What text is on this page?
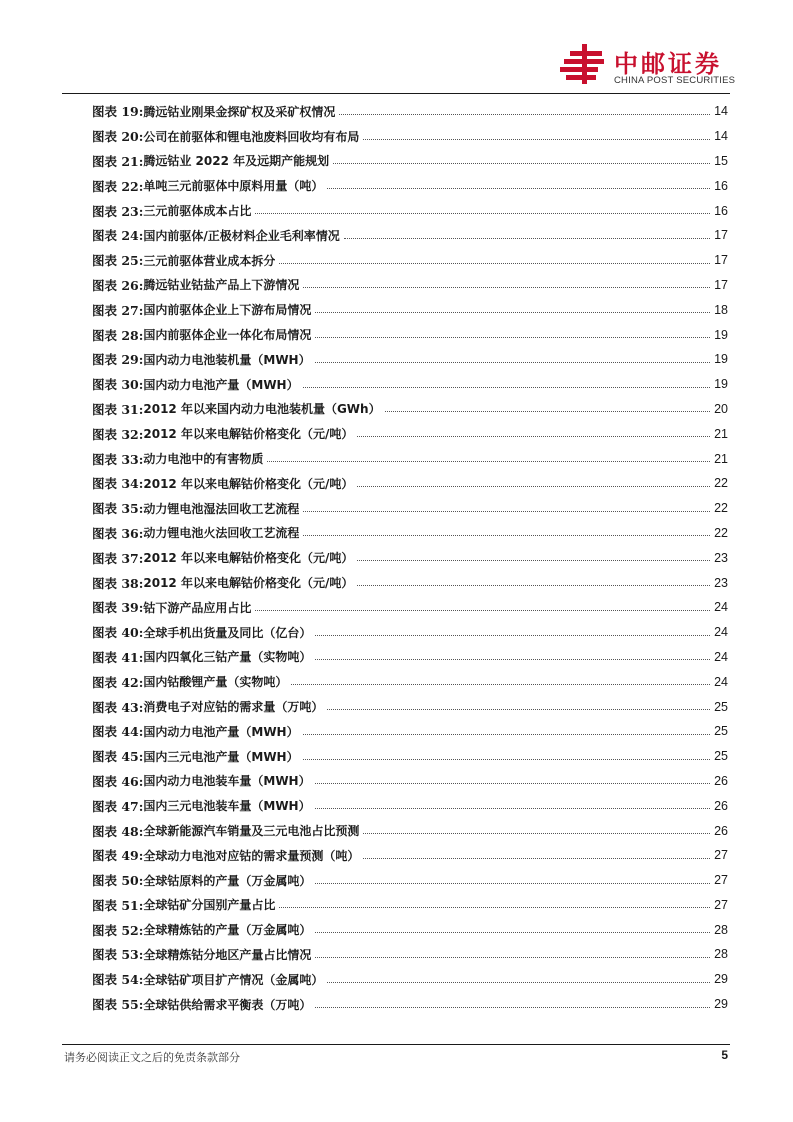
中邮证券
CHINA POST SECURITIES
图表 19: 腾远钴业刚果金探矿权及采矿权情况	14
图表 20: 公司在前驱体和锂电池废料回收均有布局	14
图表 21: 腾远钴业 2022 年及远期产能规划	15
图表 22: 单吨三元前驱体中原料用量（吨）	16
图表 23: 三元前驱体成本占比	16
图表 24: 国内前驱体/正极材料企业毛利率情况	17
图表 25: 三元前驱体营业成本拆分	17
图表 26: 腾远钴业钴盐产品上下游情况	17
图表 27: 国内前驱体企业上下游布局情况	18
图表 28: 国内前驱体企业一体化布局情况	19
图表 29: 国内动力电池装机量（MWH）	19
图表 30: 国内动力电池产量（MWH）	19
图表 31: 2012 年以来国内动力电池装机量（GWh）	20
图表 32: 2012 年以来电解钴价格变化（元/吨）	21
图表 33: 动力电池中的有害物质	21
图表 34: 2012 年以来电解钴价格变化（元/吨）	22
图表 35: 动力锂电池湿法回收工艺流程	22
图表 36: 动力锂电池火法回收工艺流程	22
图表 37: 2012 年以来电解钴价格变化（元/吨）	23
图表 38: 2012 年以来电解钴价格变化（元/吨）	23
图表 39: 钴下游产品应用占比	24
图表 40: 全球手机出货量及同比（亿台）	24
图表 41: 国内四氧化三钴产量（实物吨）	24
图表 42: 国内钴酸锂产量（实物吨）	24
图表 43: 消费电子对应钴的需求量（万吨）	25
图表 44: 国内动力电池产量（MWH）	25
图表 45: 国内三元电池产量（MWH）	25
图表 46: 国内动力电池装车量（MWH）	26
图表 47: 国内三元电池装车量（MWH）	26
图表 48: 全球新能源汽车销量及三元电池占比预测	26
图表 49: 全球动力电池对应钴的需求量预测（吨）	27
图表 50: 全球钴原料的产量（万金属吨）	27
图表 51: 全球钴矿分国别产量占比	27
图表 52: 全球精炼钴的产量（万金属吨）	28
图表 53: 全球精炼钴分地区产量占比情况	28
图表 54: 全球钴矿项目扩产情况（金属吨）	29
图表 55: 全球钴供给需求平衡表（万吨）	29
请务必阅读正文之后的免责条款部分	5
